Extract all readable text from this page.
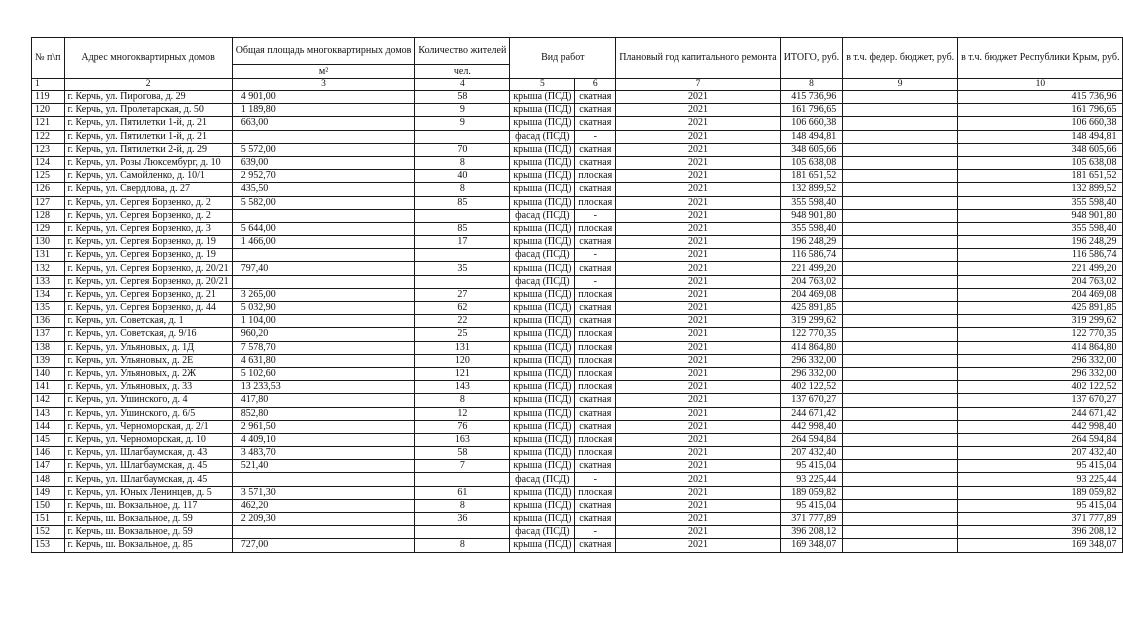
№ п\п	Адрес многоквартирных домов	Общая площадь многоквартирных домов	Количество жителей	Вид работ		Плановый год капитального ремонта	ИТОГО, руб.	в т.ч. федер. бюджет, руб.	в т.ч. бюджет Республики Крым, руб.
		м²	чел.						
1	2	3	4	5	6	7	8	9	10
119	г. Керчь, ул. Пирогова, д. 29	4 901,00	58	крыша (ПСД)	скатная	2021	415 736,96		415 736,96
120	г. Керчь, ул. Пролетарская, д. 50	1 189,80	9	крыша (ПСД)	скатная	2021	161 796,65		161 796,65
121	г. Керчь, ул. Пятилетки 1-й, д. 21	663,00	9	крыша (ПСД)	скатная	2021	106 660,38		106 660,38
122	г. Керчь, ул. Пятилетки 1-й, д. 21			фасад (ПСД)	-	2021	148 494,81		148 494,81
123	г. Керчь, ул. Пятилетки 2-й, д. 29	5 572,00	70	крыша (ПСД)	скатная	2021	348 605,66		348 605,66
124	г. Керчь, ул. Розы Люксембург, д. 10	639,00	8	крыша (ПСД)	скатная	2021	105 638,08		105 638,08
125	г. Керчь, ул. Самойленко, д. 10/1	2 952,70	40	крыша (ПСД)	плоская	2021	181 651,52		181 651,52
126	г. Керчь, ул. Свердлова, д. 27	435,50	8	крыша (ПСД)	скатная	2021	132 899,52		132 899,52
127	г. Керчь, ул. Сергея Борзенко, д. 2	5 582,00	85	крыша (ПСД)	плоская	2021	355 598,40		355 598,40
128	г. Керчь, ул. Сергея Борзенко, д. 2			фасад (ПСД)	-	2021	948 901,80		948 901,80
129	г. Керчь, ул. Сергея Борзенко, д. 3	5 644,00	85	крыша (ПСД)	плоская	2021	355 598,40		355 598,40
130	г. Керчь, ул. Сергея Борзенко, д. 19	1 466,00	17	крыша (ПСД)	скатная	2021	196 248,29		196 248,29
131	г. Керчь, ул. Сергея Борзенко, д. 19			фасад (ПСД)	-	2021	116 586,74		116 586,74
132	г. Керчь, ул. Сергея Борзенко, д. 20/21	797,40	35	крыша (ПСД)	скатная	2021	221 499,20		221 499,20
133	г. Керчь, ул. Сергея Борзенко, д. 20/21			фасад (ПСД)	-	2021	204 763,02		204 763,02
134	г. Керчь, ул. Сергея Борзенко, д. 21	3 265,00	27	крыша (ПСД)	плоская	2021	204 469,08		204 469,08
135	г. Керчь, ул. Сергея Борзенко, д. 44	5 032,90	62	крыша (ПСД)	скатная	2021	425 891,85		425 891,85
136	г. Керчь, ул. Советская, д. 1	1 104,00	22	крыша (ПСД)	скатная	2021	319 299,62		319 299,62
137	г. Керчь, ул. Советская, д. 9/16	960,20	25	крыша (ПСД)	плоская	2021	122 770,35		122 770,35
138	г. Керчь, ул. Ульяновых, д. 1Д	7 578,70	131	крыша (ПСД)	плоская	2021	414 864,80		414 864,80
139	г. Керчь, ул. Ульяновых, д. 2Е	4 631,80	120	крыша (ПСД)	плоская	2021	296 332,00		296 332,00
140	г. Керчь, ул. Ульяновых, д. 2Ж	5 102,60	121	крыша (ПСД)	плоская	2021	296 332,00		296 332,00
141	г. Керчь, ул. Ульяновых, д. 33	13 233,53	143	крыша (ПСД)	плоская	2021	402 122,52		402 122,52
142	г. Керчь, ул. Ушинского, д. 4	417,80	8	крыша (ПСД)	скатная	2021	137 670,27		137 670,27
143	г. Керчь, ул. Ушинского, д. 6/5	852,80	12	крыша (ПСД)	скатная	2021	244 671,42		244 671,42
144	г. Керчь, ул. Черноморская, д. 2/1	2 961,50	76	крыша (ПСД)	скатная	2021	442 998,40		442 998,40
145	г. Керчь, ул. Черноморская, д. 10	4 409,10	163	крыша (ПСД)	плоская	2021	264 594,84		264 594,84
146	г. Керчь, ул. Шлагбаумская, д. 43	3 483,70	58	крыша (ПСД)	плоская	2021	207 432,40		207 432,40
147	г. Керчь, ул. Шлагбаумская, д. 45	521,40	7	крыша (ПСД)	скатная	2021	95 415,04		95 415,04
148	г. Керчь, ул. Шлагбаумская, д. 45			фасад (ПСД)	-	2021	93 225,44		93 225,44
149	г. Керчь, ул. Юных Ленинцев, д. 5	3 571,30	61	крыша (ПСД)	плоская	2021	189 059,82		189 059,82
150	г. Керчь, ш. Вокзальное, д. 117	462,20	8	крыша (ПСД)	скатная	2021	95 415,04		95 415,04
151	г. Керчь, ш. Вокзальное, д. 59	2 209,30	36	крыша (ПСД)	скатная	2021	371 777,89		371 777,89
152	г. Керчь, ш. Вокзальное, д. 59			фасад (ПСД)	-	2021	396 208,12		396 208,12
153	г. Керчь, ш. Вокзальное, д. 85	727,00	8	крыша (ПСД)	скатная	2021	169 348,07		169 348,07
